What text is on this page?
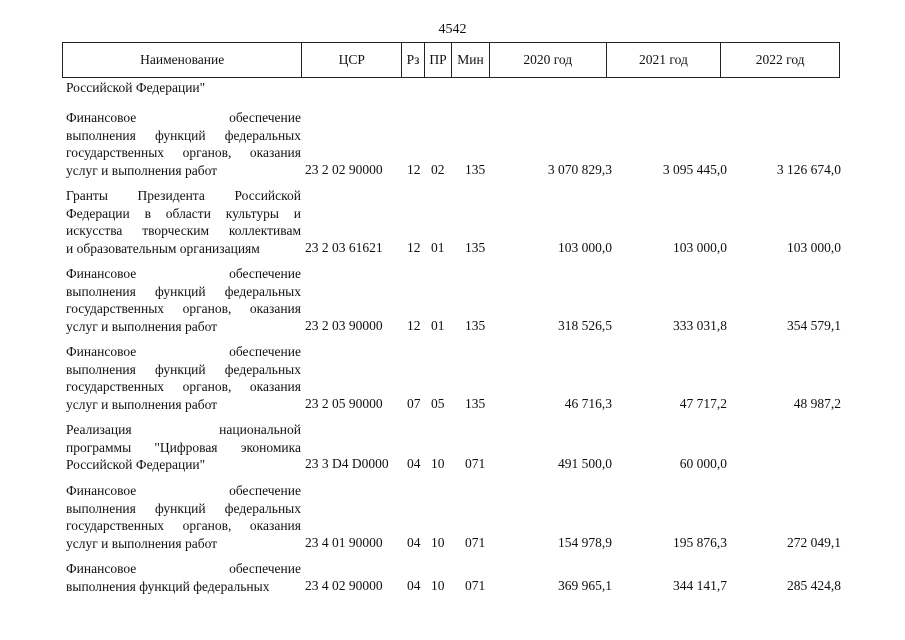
4542
Наименование	ЦСР	Рз ПР Мин	2020 год	2021 год	2022 год
Российской Федерации"
Финансовое обеспечение
выполнения функций федеральных
государственных органов, оказания
услуг и выполнения работ	23 2 02 90000 12 02 135	3 070 829,3	3 095 445,0	3 126 674,0
Гранты Президента Российской
Федерации в области культуры и
искусства творческим коллективам
и образовательным организациям	23 2 03 61621 12 01 135	103 000,0	103 000,0	103 000,0
Финансовое обеспечение
выполнения функций федеральных
государственных органов, оказания
услуг и выполнения работ	23 2 03 90000 12 01 135	318 526,5	333 031,8	354 579,1
Финансовое обеспечение
выполнения функций федеральных
государственных органов, оказания
услуг и выполнения работ	23 2 05 90000 07 05 135	46 716,3	47 717,2	48 987,2
Реализация национальной
программы "Цифровая экономика
Российской Федерации"	23 3 D4 D0000 04 10 071	491 500,0	60 000,0
Финансовое обеспечение
выполнения функций федеральных
государственных органов, оказания
услуг и выполнения работ	23 4 01 90000 04 10 071	154 978,9	195 876,3	272 049,1
Финансовое обеспечение
выполнения функций федеральных	23 4 02 90000 04 10 071	369 965,1	344 141,7	285 424,8
